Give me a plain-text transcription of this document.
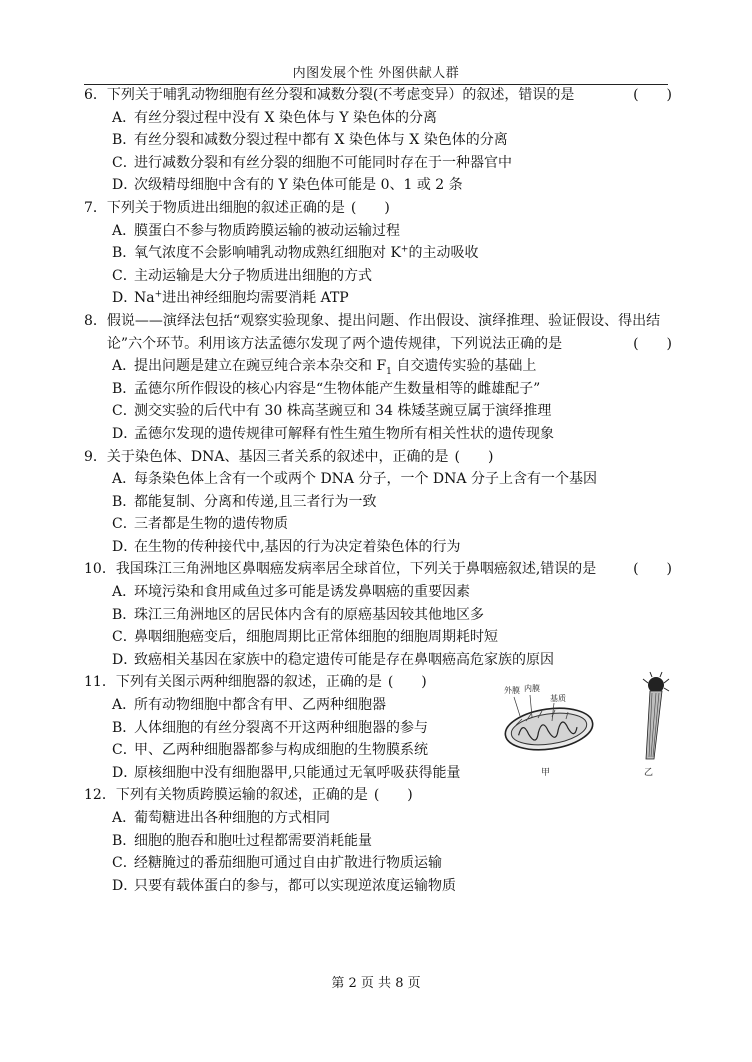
内图发展个性 外图供献人群
6． 下列关于哺乳动物细胞有丝分裂和减数分裂(不考虑变异）的叙述，错误的是	(　　)
A．有丝分裂过程中没有 X 染色体与 Y 染色体的分离
B．有丝分裂和减数分裂过程中都有 X 染色体与 X 染色体的分离
C．进行减数分裂和有丝分裂的细胞不可能同时存在于一种器官中
D．次级精母细胞中含有的 Y 染色体可能是 0、1 或 2 条
7． 下列关于物质进出细胞的叙述正确的是 (　　)
A．膜蛋白不参与物质跨膜运输的被动运输过程
B．氧气浓度不会影响哺乳动物成熟红细胞对 K+的主动吸收
C．主动运输是大分子物质进出细胞的方式
D．Na+进出神经细胞均需要消耗 ATP
8． 假说——演绎法包括“观察实验现象、提出问题、作出假设、演绎推理、验证假设、得出结论”六个环节。利用该方法孟德尔发现了两个遗传规律，下列说法正确的是	(　　)
A．提出问题是建立在豌豆纯合亲本杂交和 $F_1$ 自交遗传实验的基础上
B．孟德尔所作假设的核心内容是“生物体能产生数量相等的雌雄配子”
C．测交实验的后代中有 30 株高茎豌豆和 34 株矮茎豌豆属于演绎推理
D．孟德尔发现的遗传规律可解释有性生殖生物所有相关性状的遗传现象
9． 关于染色体、DNA、基因三者关系的叙述中，正确的是 (　　)
A．每条染色体上含有一个或两个 DNA 分子，一个 DNA 分子上含有一个基因
B．都能复制、分离和传递,且三者行为一致
C．三者都是生物的遗传物质
D．在生物的传种接代中,基因的行为决定着染色体的行为
10． 我国珠江三角洲地区鼻咽癌发病率居全球首位，下列关于鼻咽癌叙述,错误的是	(　　)
A．环境污染和食用咸鱼过多可能是诱发鼻咽癌的重要因素
B．珠江三角洲地区的居民体内含有的原癌基因较其他地区多
C．鼻咽细胞癌变后，细胞周期比正常体细胞的细胞周期耗时短
D．致癌相关基因在家族中的稳定遗传可能是存在鼻咽癌高危家族的原因
11． 下列有关图示两种细胞器的叙述，正确的是 (　　)
A．所有动物细胞中都含有甲、乙两种细胞器
B．人体细胞的有丝分裂离不开这两种细胞器的参与
C．甲、乙两种细胞器都参与构成细胞的生物膜系统
D．原核细胞中没有细胞器甲,只能通过无氧呼吸获得能量
外膜 内膜
基质
甲	乙
12． 下列有关物质跨膜运输的叙述，正确的是 (　　)
A．葡萄糖进出各种细胞的方式相同
B．细胞的胞吞和胞吐过程都需要消耗能量
C．经糖腌过的番茄细胞可通过自由扩散进行物质运输
D．只要有载体蛋白的参与，都可以实现逆浓度运输物质
第 2 页 共 8 页
